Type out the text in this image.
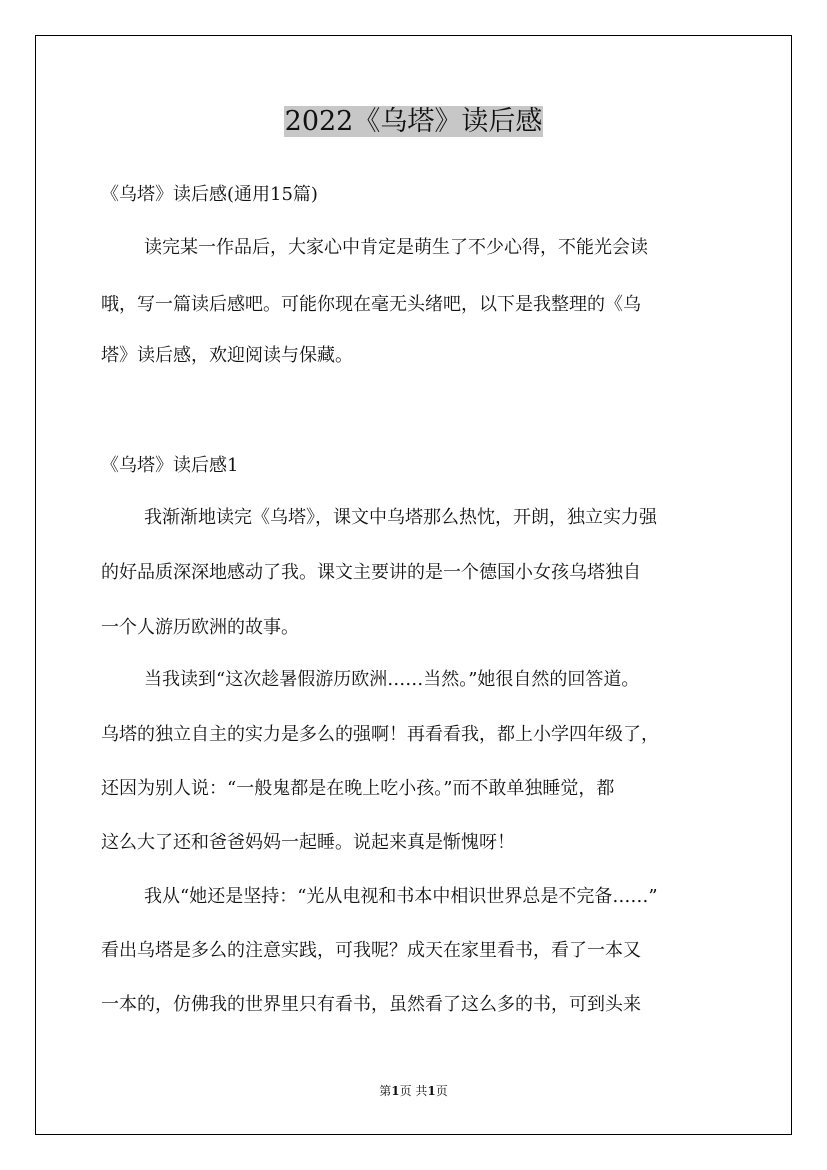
2022《乌塔》读后感
《乌塔》读后感(通用15篇)
读完某一作品后，大家心中肯定是萌生了不少心得，不能光会读
哦，写一篇读后感吧。可能你现在毫无头绪吧，以下是我整理的《乌
塔》读后感，欢迎阅读与保藏。
《乌塔》读后感1
我渐渐地读完《乌塔》，课文中乌塔那么热忱，开朗，独立实力强
的好品质深深地感动了我。课文主要讲的是一个德国小女孩乌塔独自
一个人游历欧洲的故事。
当我读到“这次趁暑假游历欧洲……当然。”她很自然的回答道。
乌塔的独立自主的实力是多么的强啊！再看看我，都上小学四年级了，
还因为别人说：“一般鬼都是在晚上吃小孩。”而不敢单独睡觉，都
这么大了还和爸爸妈妈一起睡。说起来真是惭愧呀！
我从“她还是坚持：“光从电视和书本中相识世界总是不完备……”
看出乌塔是多么的注意实践，可我呢？成天在家里看书，看了一本又
一本的，仿佛我的世界里只有看书，虽然看了这么多的书，可到头来
第1页 共1页
